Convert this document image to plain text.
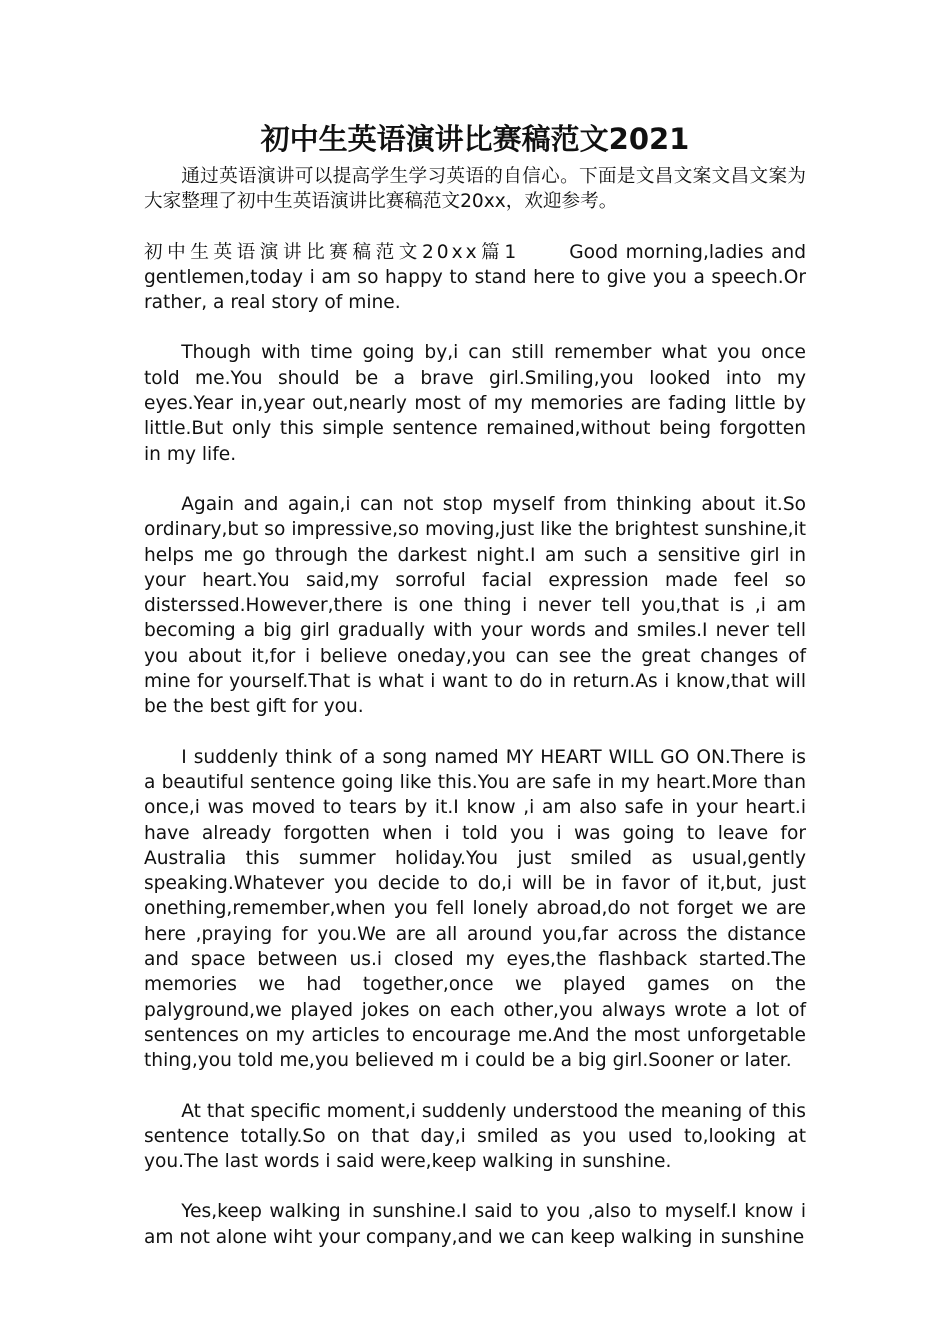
初中生英语演讲比赛稿范文2021

通过英语演讲可以提高学生学习英语的自信心。下面是文昌文案文昌文案为大家整理了初中生英语演讲比赛稿范文20xx，欢迎参考。

初中生英语演讲比赛稿范文20xx篇1	Good morning,ladies and gentlemen,today i am so happy to stand here to give you a speech.Or rather, a real story of mine.

Though with time going by,i can still remember what you once told me.You should be a brave girl.Smiling,you looked into my eyes.Year in,year out,nearly most of my memories are fading little by little.But only this simple sentence remained,without being forgotten in my life.

Again and again,i can not stop myself from thinking about it.So ordinary,but so impressive,so moving,just like the brightest sunshine,it helps me go through the darkest night.I am such a sensitive girl in your heart.You said,my sorroful facial expression made feel so disterssed.However,there is one thing i never tell you,that is ,i am becoming a big girl gradually with your words and smiles.I never tell you about it,for i believe oneday,you can see the great changes of mine for yourself.That is what i want to do in return.As i know,that will be the best gift for you.

I suddenly think of a song named MY HEART WILL GO ON.There is a beautiful sentence going like this.You are safe in my heart.More than once,i was moved to tears by it.I know ,i am also safe in your heart.i have already forgotten when i told you i was going to leave for Australia this summer holiday.You just smiled as usual,gently speaking.Whatever you decide to do,i will be in favor of it,but, just onething,remember,when you fell lonely abroad,do not forget we are here ,praying for you.We are all around you,far across the distance and space between us.i closed my eyes,the flashback started.The memories we had together,once we played games on the palyground,we played jokes on each other,you always wrote a lot of sentences on my articles to encourage me.And the most unforgetable thing,you told me,you believed m i could be a big girl.Sooner or later.

At that specific moment,i suddenly understood the meaning of this sentence totally.So on that day,i smiled as you used to,looking at you.The last words i said were,keep walking in sunshine.

Yes,keep walking in sunshine.I said to you ,also to myself.I know i am not alone wiht your company,and we can keep walking in sunshine
